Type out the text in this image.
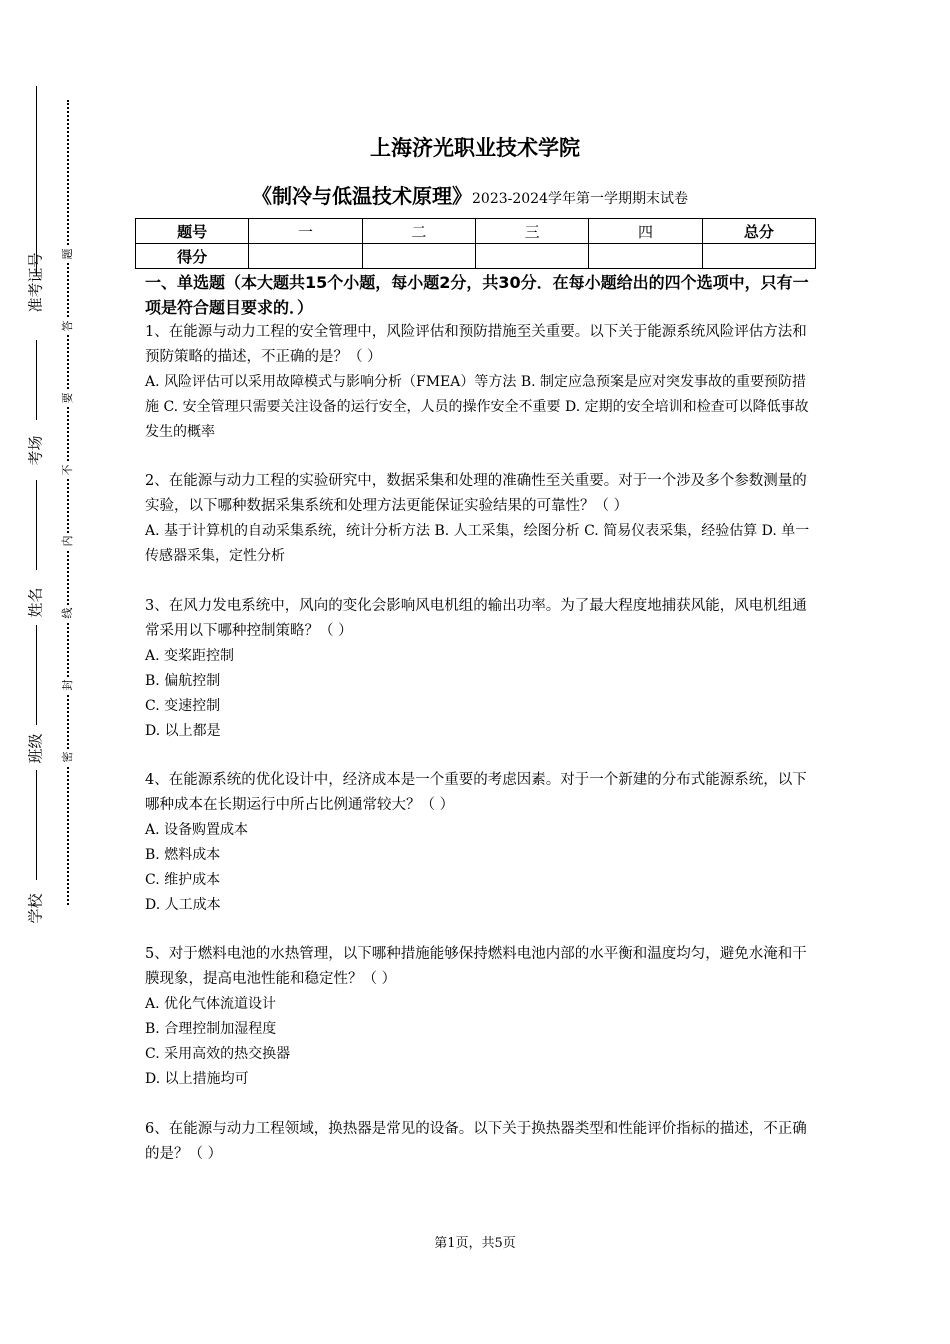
准考证号
考场
姓名
班级
学校
题
答
要
不
内
线
封
密
上海济光职业技术学院
《制冷与低温技术原理》2023-2024学年第一学期期末试卷
题号	一	二	三	四	总分
得分					
一、单选题（本大题共15个小题，每小题2分，共30分．在每小题给出的四个选项中，只有一项是符合题目要求的．）

1、在能源与动力工程的安全管理中，风险评估和预防措施至关重要。以下关于能源系统风险评估方法和预防策略的描述，不正确的是？（ ）

A. 风险评估可以采用故障模式与影响分析（FMEA）等方法 B. 制定应急预案是应对突发事故的重要预防措施 C. 安全管理只需要关注设备的运行安全，人员的操作安全不重要 D. 定期的安全培训和检查可以降低事故发生的概率

2、在能源与动力工程的实验研究中，数据采集和处理的准确性至关重要。对于一个涉及多个参数测量的实验，以下哪种数据采集系统和处理方法更能保证实验结果的可靠性？（ ）

A. 基于计算机的自动采集系统，统计分析方法 B. 人工采集，绘图分析 C. 简易仪表采集，经验估算 D. 单一传感器采集，定性分析

3、在风力发电系统中，风向的变化会影响风电机组的输出功率。为了最大程度地捕获风能，风电机组通常采用以下哪种控制策略？（ ）

A. 变桨距控制

B. 偏航控制

C. 变速控制

D. 以上都是

4、在能源系统的优化设计中，经济成本是一个重要的考虑因素。对于一个新建的分布式能源系统，以下哪种成本在长期运行中所占比例通常较大？（ ）

A. 设备购置成本

B. 燃料成本

C. 维护成本

D. 人工成本

5、对于燃料电池的水热管理，以下哪种措施能够保持燃料电池内部的水平衡和温度均匀，避免水淹和干膜现象，提高电池性能和稳定性？（ ）

A. 优化气体流道设计

B. 合理控制加湿程度

C. 采用高效的热交换器

D. 以上措施均可

6、在能源与动力工程领域，换热器是常见的设备。以下关于换热器类型和性能评价指标的描述，不正确的是？（ ）

第1页，共5页
